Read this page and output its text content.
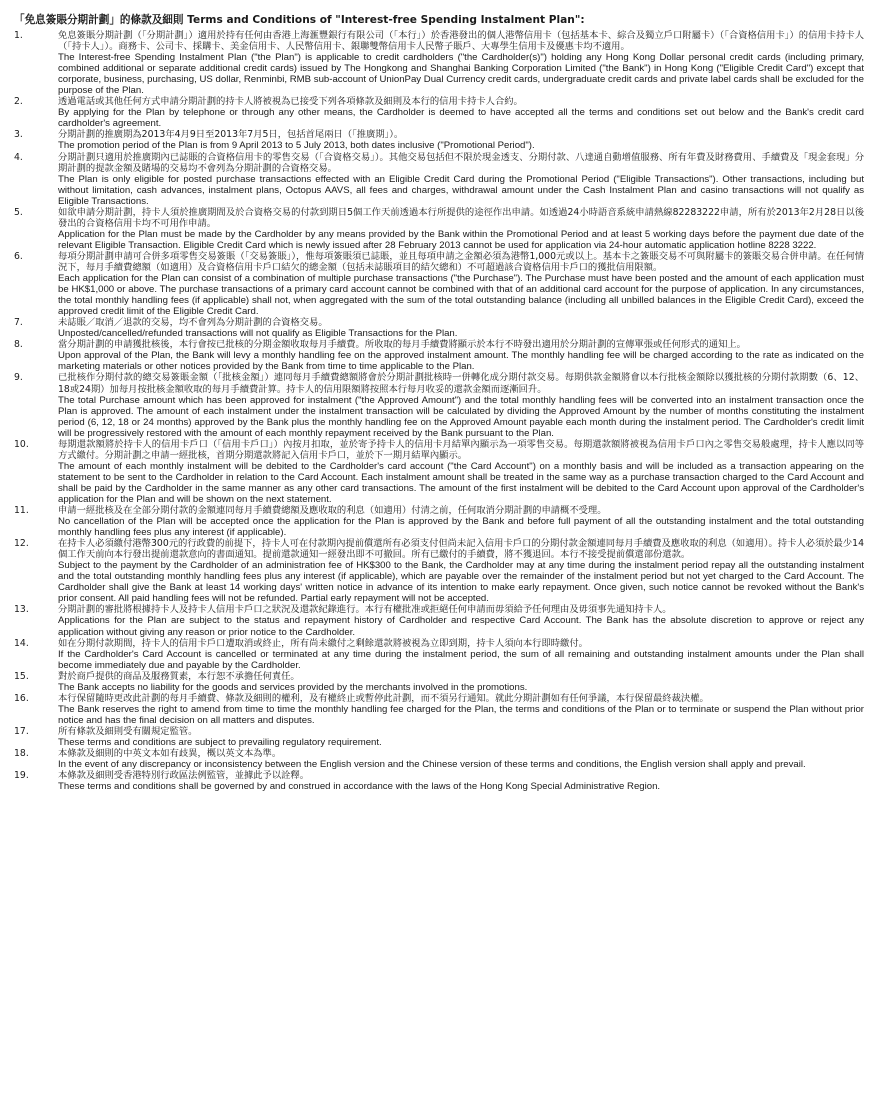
「免息簽賬分期計劃」的條款及細則 Terms and Conditions of "Interest-free Spending Instalment Plan":
1.	免息簽賬分期計劃（「分期計劃」）適用於持有任何由香港上海滙豐銀行有限公司（「本行」）於香港發出的個人港幣信用卡（包括基本卡、綜合及獨立戶口附屬卡）（「合資格信用卡」）的信用卡持卡人（「持卡人」）。商務卡、公司卡、採購卡、美金信用卡、人民幣信用卡、銀聯雙幣信用卡人民幣子賬戶、大專學生信用卡及優惠卡均不適用。

The Interest-free Spending Instalment Plan ("the Plan") is applicable to credit cardholders ("the Cardholder(s)") holding any Hong Kong Dollar personal credit cards (including primary, combined additional or separate additional credit cards) issued by The Hongkong and Shanghai Banking Corporation Limited ("the Bank") in Hong Kong ("Eligible Credit Card") except that corporate, business, purchasing, US dollar, Renminbi, RMB sub-account of UnionPay Dual Currency credit cards, undergraduate credit cards and private label cards shall be excluded for the purpose of the Plan.

2.	透過電話或其他任何方式申請分期計劃的持卡人將被視為已接受下列各項條款及細則及本行的信用卡持卡人合約。

By applying for the Plan by telephone or through any other means, the Cardholder is deemed to have accepted all the terms and conditions set out below and the Bank's credit card cardholder's agreement.

3.	分期計劃的推廣期為2013年4月9日至2013年7月5日，包括首尾兩日（「推廣期」）。

The promotion period of the Plan is from 9 April 2013 to 5 July 2013, both dates inclusive ("Promotional Period").

4.	分期計劃只適用於推廣期內已誌賬的合資格信用卡的零售交易（「合資格交易」）。其他交易包括但不限於現金透支、分期付款、八達通自動增值服務、所有年費及財務費用、手續費及「現金套現」分期計劃的提款金額及賭場的交易均不會列為分期計劃的合資格交易。

The Plan is only eligible for posted purchase transactions effected with an Eligible Credit Card during the Promotional Period ("Eligible Transactions"). Other transactions, including but without limitation, cash advances, instalment plans, Octopus AAVS, all fees and charges, withdrawal amount under the Cash Instalment Plan and casino transactions will not qualify as Eligible Transactions.

5.	如欲申請分期計劃，持卡人須於推廣期間及於合資格交易的付款到期日5個工作天前透過本行所提供的途徑作出申請。如透過24小時語音系統申請熱線82283222申請，所有於2013年2月28日以後發出的合資格信用卡均不可用作申請。

Application for the Plan must be made by the Cardholder by any means provided by the Bank within the Promotional Period and at least 5 working days before the payment due date of the relevant Eligible Transaction. Eligible Credit Card which is newly issued after 28 February 2013 cannot be used for application via 24-hour automatic application hotline 8228 3222.

6.	每項分期計劃申請可合併多項零售交易簽賬（「交易簽賬」），惟每項簽賬須已誌賬，並且每項申請之金額必須為港幣1,000元或以上。基本卡之簽賬交易不可與附屬卡的簽賬交易合併申請。在任何情況下，每月手續費總額（如適用）及合資格信用卡戶口結欠的總金額（包括未誌賬項目的結欠總和）不可超過該合資格信用卡戶口的獲批信用限額。

Each application for the Plan can consist of a combination of multiple purchase transactions ("the Purchase"). The Purchase must have been posted and the amount of each application must be HK$1,000 or above. The purchase transactions of a primary card account cannot be combined with that of an additional card account for the purpose of application. In any circumstances, the total monthly handling fees (if applicable) shall not, when aggregated with the sum of the total outstanding balance (including all unbilled balances in the Eligible Credit Card), exceed the approved credit limit of the Eligible Credit Card.

7.	未誌賬／取消／退款的交易，均不會列為分期計劃的合資格交易。

Unposted/cancelled/refunded transactions will not qualify as Eligible Transactions for the Plan.

8.	當分期計劃的申請獲批核後，本行會按已批核的分期金額收取每月手續費。所收取的每月手續費將顯示於本行不時發出適用於分期計劃的宣傳單張或任何形式的通知上。

Upon approval of the Plan, the Bank will levy a monthly handling fee on the approved instalment amount. The monthly handling fee will be charged according to the rate as indicated on the marketing materials or other notices provided by the Bank from time to time applicable to the Plan.

9.	已批核作分期付款的總交易簽賬金額（「批核金額」）連同每月手續費總額將會於分期計劃批核時一併轉化成分期付款交易。每期供款金額將會以本行批核金額除以獲批核的分期付款期數（6、12、18或24期）加每月按批核金額收取的每月手續費計算。持卡人的信用限額將按照本行每月收妥的還款金額而逐漸回升。

The total Purchase amount which has been approved for instalment ("the Approved Amount") and the total monthly handling fees will be converted into an instalment transaction once the Plan is approved. The amount of each instalment under the instalment transaction will be calculated by dividing the Approved Amount by the number of months constituting the instalment period (6, 12, 18 or 24 months) approved by the Bank plus the monthly handling fee on the Approved Amount payable each month during the instalment period. The Cardholder's credit limit will be progressively restored with the amount of each monthly repayment received by the Bank pursuant to the Plan.

10.	每期還款額將於持卡人的信用卡戶口（「信用卡戶口」）內按月扣取，並於寄予持卡人的信用卡月結單內顯示為一項零售交易。每期還款額將被視為信用卡戶口內之零售交易般處理，持卡人應以同等方式繳付。分期計劃之申請一經批核，首期分期還款將記入信用卡戶口，並於下一期月結單內顯示。

The amount of each monthly instalment will be debited to the Cardholder's card account ("the Card Account") on a monthly basis and will be included as a transaction appearing on the statement to be sent to the Cardholder in relation to the Card Account. Each instalment amount shall be treated in the same way as a purchase transaction charged to the Card Account and shall be paid by the Cardholder in the same manner as any other card transactions. The amount of the first instalment will be debited to the Card Account upon approval of the Cardholder's application for the Plan and will be shown on the next statement.

11.	申請一經批核及在全部分期付款的金額連同每月手續費總額及應收取的利息（如適用）付清之前，任何取消分期計劃的申請概不受理。

No cancellation of the Plan will be accepted once the application for the Plan is approved by the Bank and before full payment of all the outstanding instalment and the total outstanding monthly handling fees plus any interest (if applicable).

12.	在持卡人必須繳付港幣300元的行政費的前提下，持卡人可在付款期內提前償還所有必須支付但尚未記入信用卡戶口的分期付款金額連同每月手續費及應收取的利息（如適用）。持卡人必須於最少14個工作天前向本行發出提前還款意向的書面通知。提前還款通知一經發出即不可撤回。所有已繳付的手續費，將不獲退回。本行不接受提前償還部份還款。

Subject to the payment by the Cardholder of an administration fee of HK$300 to the Bank, the Cardholder may at any time during the instalment period repay all the outstanding instalment and the total outstanding monthly handling fees plus any interest (if applicable), which are payable over the remainder of the instalment period but not yet charged to the Card Account. The Cardholder shall give the Bank at least 14 working days' written notice in advance of its intention to make early repayment. Once given, such notice cannot be revoked without the Bank's prior consent. All paid handling fees will not be refunded. Partial early repayment will not be accepted.

13.	分期計劃的審批將根據持卡人及持卡人信用卡戶口之狀況及還款紀錄進行。本行有權批准或拒絕任何申請而毋須給予任何理由及毋須事先通知持卡人。

Applications for the Plan are subject to the status and repayment history of Cardholder and respective Card Account. The Bank has the absolute discretion to approve or reject any application without giving any reason or prior notice to the Cardholder.

14.	如在分期付款期間，持卡人的信用卡戶口遭取消或終止，所有尚未繳付之剩餘還款將被視為立即到期，持卡人須向本行即時繳付。

If the Cardholder's Card Account is cancelled or terminated at any time during the instalment period, the sum of all remaining and outstanding instalment amounts under the Plan shall become immediately due and payable by the Cardholder.

15.	對於商戶提供的商品及服務質素，本行恕不承擔任何責任。

The Bank accepts no liability for the goods and services provided by the merchants involved in the promotions.

16.	本行保留隨時更改此計劃的每月手續費、條款及細則的權利，及有權終止或暫停此計劃，而不須另行通知。就此分期計劃如有任何爭議，本行保留最終裁決權。

The Bank reserves the right to amend from time to time the monthly handling fee charged for the Plan, the terms and conditions of the Plan or to terminate or suspend the Plan without prior notice and has the final decision on all matters and disputes.

17.	所有條款及細則受有關規定監管。

These terms and conditions are subject to prevailing regulatory requirement.

18.	本條款及細則的中英文本如有歧異，概以英文本為準。

In the event of any discrepancy or inconsistency between the English version and the Chinese version of these terms and conditions, the English version shall apply and prevail.

19.	本條款及細則受香港特別行政區法例監管，並據此予以詮釋。

These terms and conditions shall be governed by and construed in accordance with the laws of the Hong Kong Special Administrative Region.
